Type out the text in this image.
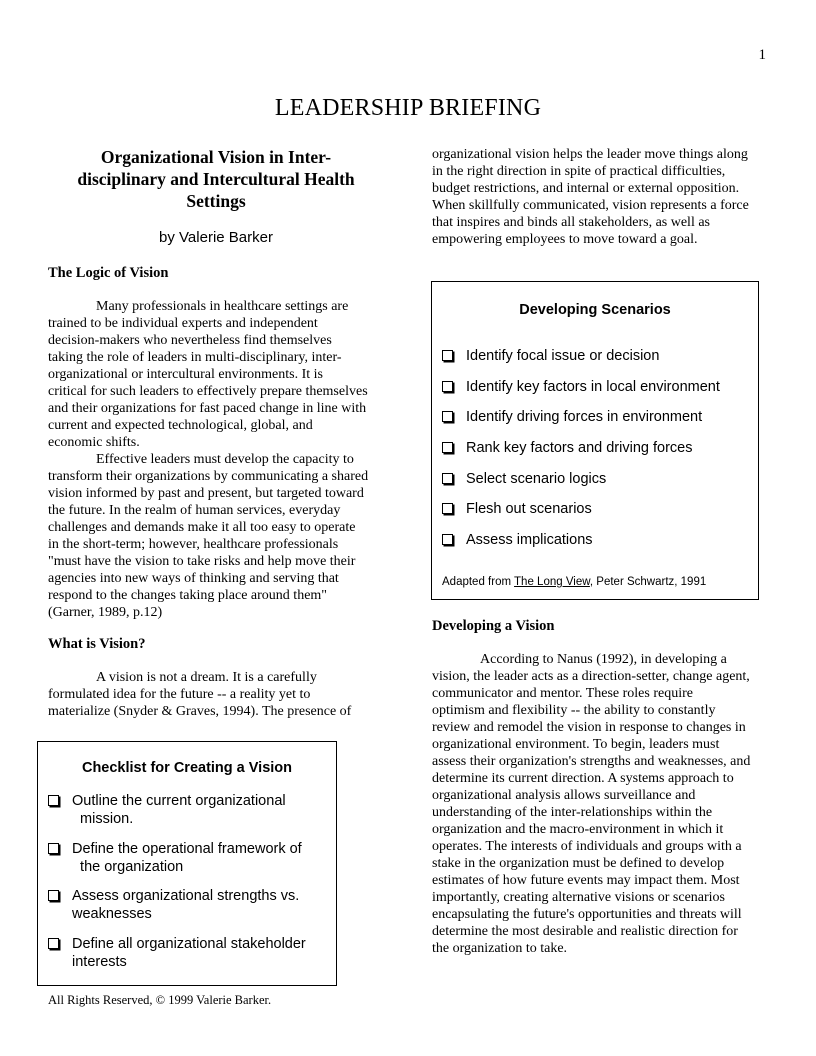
1
LEADERSHIP BRIEFING
Organizational Vision in Inter-
disciplinary and Intercultural Health
Settings
by Valerie Barker
The Logic of Vision
Many professionals in healthcare settings are
trained to be individual experts and independent
decision-makers who nevertheless find themselves
taking the role of leaders in multi-disciplinary, inter-
organizational or intercultural environments. It is
critical for such leaders to effectively prepare themselves
and their organizations for fast paced change in line with
current and expected technological, global, and
economic shifts.
Effective leaders must develop the capacity to
transform their organizations by communicating a shared
vision informed by past and present, but targeted toward
the future. In the realm of human services, everyday
challenges and demands make it all too easy to operate
in the short-term; however, healthcare professionals
"must have the vision to take risks and help move their
agencies into new ways of thinking and serving that
respond to the changes taking place around them"
(Garner, 1989, p.12)
What is Vision?
A vision is not a dream. It is a carefully
formulated idea for the future -- a reality yet to
materialize (Snyder & Graves, 1994). The presence of
Checklist for Creating a Vision
Outline the current organizational
mission.
Define the operational framework of
the organization
Assess organizational strengths vs.
weaknesses
Define all organizational stakeholder
interests
organizational vision helps the leader move things along
in the right direction in spite of practical difficulties,
budget restrictions, and internal or external opposition.
When skillfully communicated, vision represents a force
that inspires and binds all stakeholders, as well as
empowering employees to move toward a goal.
Developing Scenarios
Identify focal issue or decision
Identify key factors in local environment
Identify driving forces in environment
Rank key factors and driving forces
Select scenario logics
Flesh out scenarios
Assess implications
Adapted from The Long View, Peter Schwartz, 1991
Developing a Vision
According to Nanus (1992), in developing a
vision, the leader acts as a direction-setter, change agent,
communicator and mentor. These roles require
optimism and flexibility -- the ability to constantly
review and remodel the vision in response to changes in
organizational environment. To begin, leaders must
assess their organization's strengths and weaknesses, and
determine its current direction. A systems approach to
organizational analysis allows surveillance and
understanding of the inter-relationships within the
organization and the macro-environment in which it
operates. The interests of individuals and groups with a
stake in the organization must be defined to develop
estimates of how future events may impact them. Most
importantly, creating alternative visions or scenarios
encapsulating the future's opportunities and threats will
determine the most desirable and realistic direction for
the organization to take.
All Rights Reserved, © 1999 Valerie Barker.
